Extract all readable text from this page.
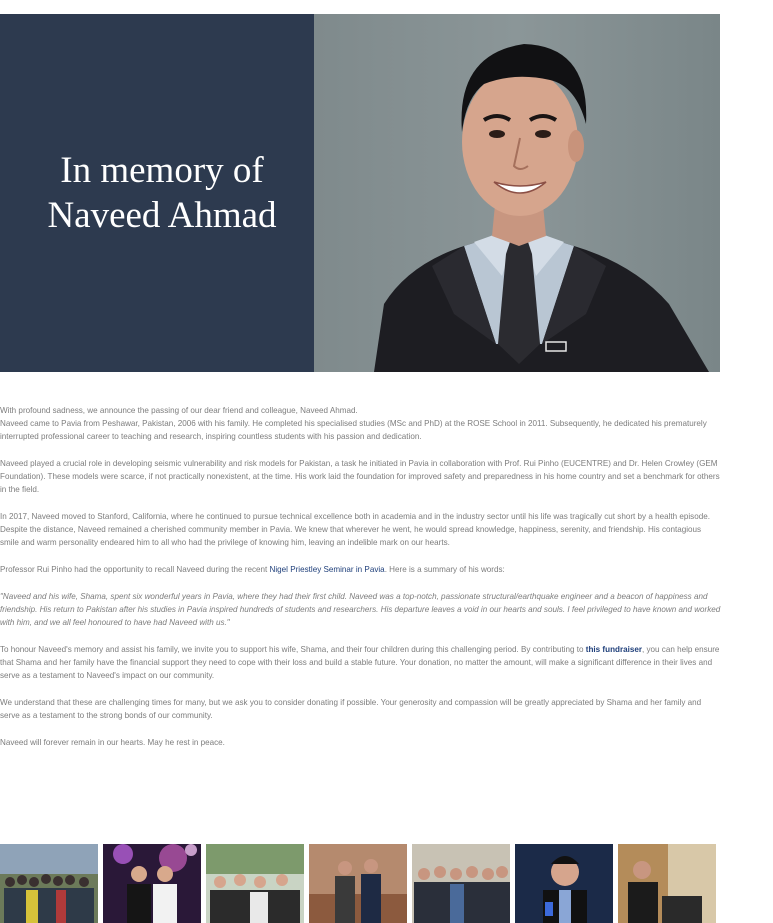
In memory of
Naveed Ahmad

With profound sadness, we announce the passing of our dear friend and colleague, Naveed Ahmad.
Naveed came to Pavia from Peshawar, Pakistan, 2006 with his family. He completed his specialised studies (MSc and PhD) at the ROSE School in 2011. Subsequently, he dedicated his prematurely interrupted professional career to teaching and research, inspiring countless students with his passion and dedication.

Naveed played a crucial role in developing seismic vulnerability and risk models for Pakistan, a task he initiated in Pavia in collaboration with Prof. Rui Pinho (EUCENTRE) and Dr. Helen Crowley (GEM Foundation). These models were scarce, if not practically nonexistent, at the time. His work laid the foundation for improved safety and preparedness in his home country and set a benchmark for others in the field.

In 2017, Naveed moved to Stanford, California, where he continued to pursue technical excellence both in academia and in the industry sector until his life was tragically cut short by a health episode. Despite the distance, Naveed remained a cherished community member in Pavia. We knew that wherever he went, he would spread knowledge, happiness, serenity, and friendship. His contagious smile and warm personality endeared him to all who had the privilege of knowing him, leaving an indelible mark on our hearts.

Professor Rui Pinho had the opportunity to recall Naveed during the recent Nigel Priestley Seminar in Pavia. Here is a summary of his words:

"Naveed and his wife, Shama, spent six wonderful years in Pavia, where they had their first child. Naveed was a top-notch, passionate structural/earthquake engineer and a beacon of happiness and friendship. His return to Pakistan after his studies in Pavia inspired hundreds of students and researchers. His departure leaves a void in our hearts and souls. I feel privileged to have known and worked with him, and we all feel honoured to have had Naveed with us."

To honour Naveed's memory and assist his family, we invite you to support his wife, Shama, and their four children during this challenging period. By contributing to this fundraiser, you can help ensure that Shama and her family have the financial support they need to cope with their loss and build a stable future. Your donation, no matter the amount, will make a significant difference in their lives and serve as a testament to Naveed's impact on our community.

We understand that these are challenging times for many, but we ask you to consider donating if possible. Your generosity and compassion will be greatly appreciated by Shama and her family and serve as a testament to the strong bonds of our community.

Naveed will forever remain in our hearts. May he rest in peace.
